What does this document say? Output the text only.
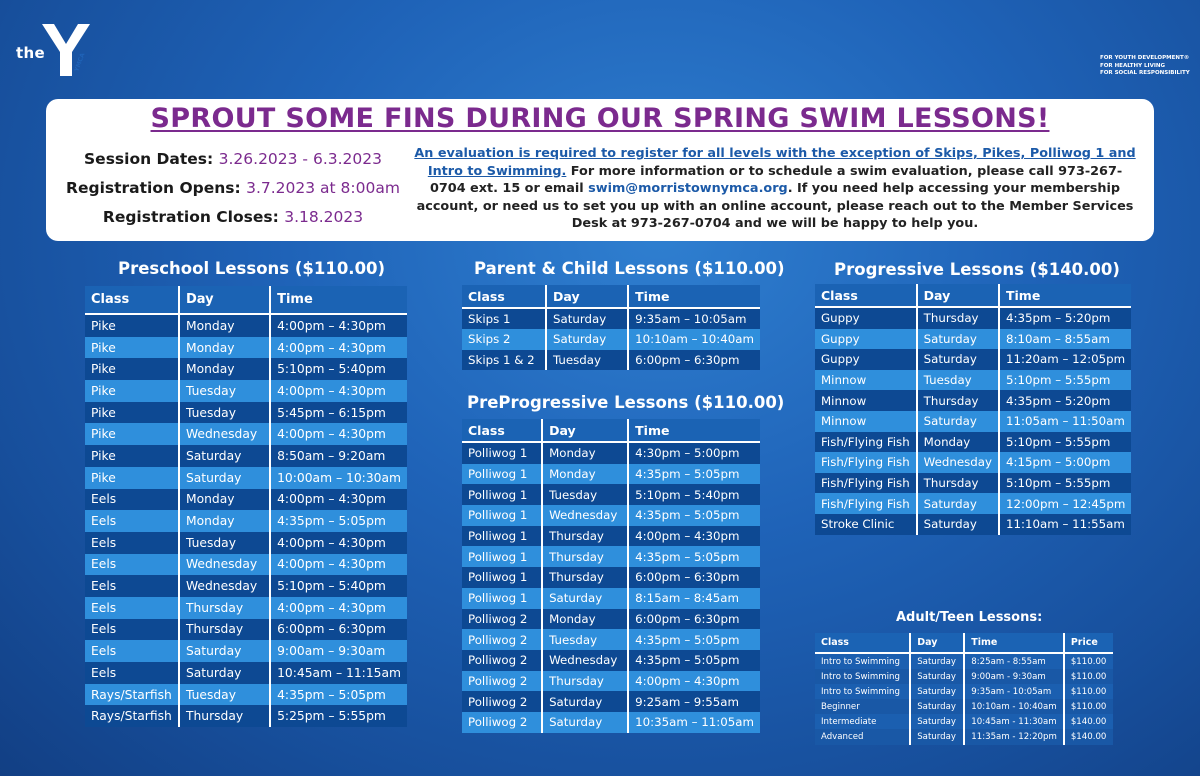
the	YMCA	FOR YOUTH DEVELOPMENT®
FOR HEALTHY LIVING
FOR SOCIAL RESPONSIBILITY
SPROUT SOME FINS DURING OUR SPRING SWIM LESSONS!
Session Dates: 3.26.2023 - 6.3.2023
Registration Opens: 3.7.2023 at 8:00am
Registration Closes: 3.18.2023
An evaluation is required to register for all levels with the exception of Skips, Pikes, Polliwog 1 and Intro to Swimming. For more information or to schedule a swim evaluation, please call 973-267-0704 ext. 15 or email swim@morristownymca.org. If you need help accessing your membership account, or need us to set you up with an online account, please reach out to the Member Services Desk at 973-267-0704 and we will be happy to help you.
Preschool Lessons ($110.00)	Parent & Child Lessons ($110.00)
PreProgressive Lessons ($110.00)
Progressive Lessons ($140.00)
Adult/Teen Lessons:
Class	Day	Time
Pike	Monday	4:00pm – 4:30pm
Pike	Monday	4:00pm – 4:30pm
Pike	Monday	5:10pm – 5:40pm
Pike	Tuesday	4:00pm – 4:30pm
Pike	Tuesday	5:45pm – 6:15pm
Pike	Wednesday	4:00pm – 4:30pm
Pike	Saturday	8:50am – 9:20am
Pike	Saturday	10:00am – 10:30am
Eels	Monday	4:00pm – 4:30pm
Eels	Monday	4:35pm – 5:05pm
Eels	Tuesday	4:00pm – 4:30pm
Eels	Wednesday	4:00pm – 4:30pm
Eels	Wednesday	5:10pm – 5:40pm
Eels	Thursday	4:00pm – 4:30pm
Eels	Thursday	6:00pm – 6:30pm
Eels	Saturday	9:00am – 9:30am
Eels	Saturday	10:45am – 11:15am
Rays/Starfish	Tuesday	4:35pm – 5:05pm
Rays/Starfish	Thursday	5:25pm – 5:55pm
Class	Day	Time
Skips 1	Saturday	9:35am – 10:05am
Skips 2	Saturday	10:10am – 10:40am
Skips 1 & 2	Tuesday	6:00pm – 6:30pm
Class	Day	Time
Polliwog 1	Monday	4:30pm – 5:00pm
Polliwog 1	Monday	4:35pm – 5:05pm
Polliwog 1	Tuesday	5:10pm – 5:40pm
Polliwog 1	Wednesday	4:35pm – 5:05pm
Polliwog 1	Thursday	4:00pm – 4:30pm
Polliwog 1	Thursday	4:35pm – 5:05pm
Polliwog 1	Thursday	6:00pm – 6:30pm
Polliwog 1	Saturday	8:15am – 8:45am
Polliwog 2	Monday	6:00pm – 6:30pm
Polliwog 2	Tuesday	4:35pm – 5:05pm
Polliwog 2	Wednesday	4:35pm – 5:05pm
Polliwog 2	Thursday	4:00pm – 4:30pm
Polliwog 2	Saturday	9:25am – 9:55am
Polliwog 2	Saturday	10:35am – 11:05am
Class	Day	Time
Guppy	Thursday	4:35pm – 5:20pm
Guppy	Saturday	8:10am – 8:55am
Guppy	Saturday	11:20am – 12:05pm
Minnow	Tuesday	5:10pm – 5:55pm
Minnow	Thursday	4:35pm – 5:20pm
Minnow	Saturday	11:05am – 11:50am
Fish/Flying Fish	Monday	5:10pm – 5:55pm
Fish/Flying Fish	Wednesday	4:15pm – 5:00pm
Fish/Flying Fish	Thursday	5:10pm – 5:55pm
Fish/Flying Fish	Saturday	12:00pm – 12:45pm
Stroke Clinic	Saturday	11:10am – 11:55am
Class	Day	Time	Price
Intro to Swimming	Saturday	8:25am - 8:55am	$110.00
Intro to Swimming	Saturday	9:00am - 9:30am	$110.00
Intro to Swimming	Saturday	9:35am - 10:05am	$110.00
Beginner	Saturday	10:10am - 10:40am	$110.00
Intermediate	Saturday	10:45am - 11:30am	$140.00
Advanced	Saturday	11:35am - 12:20pm	$140.00
